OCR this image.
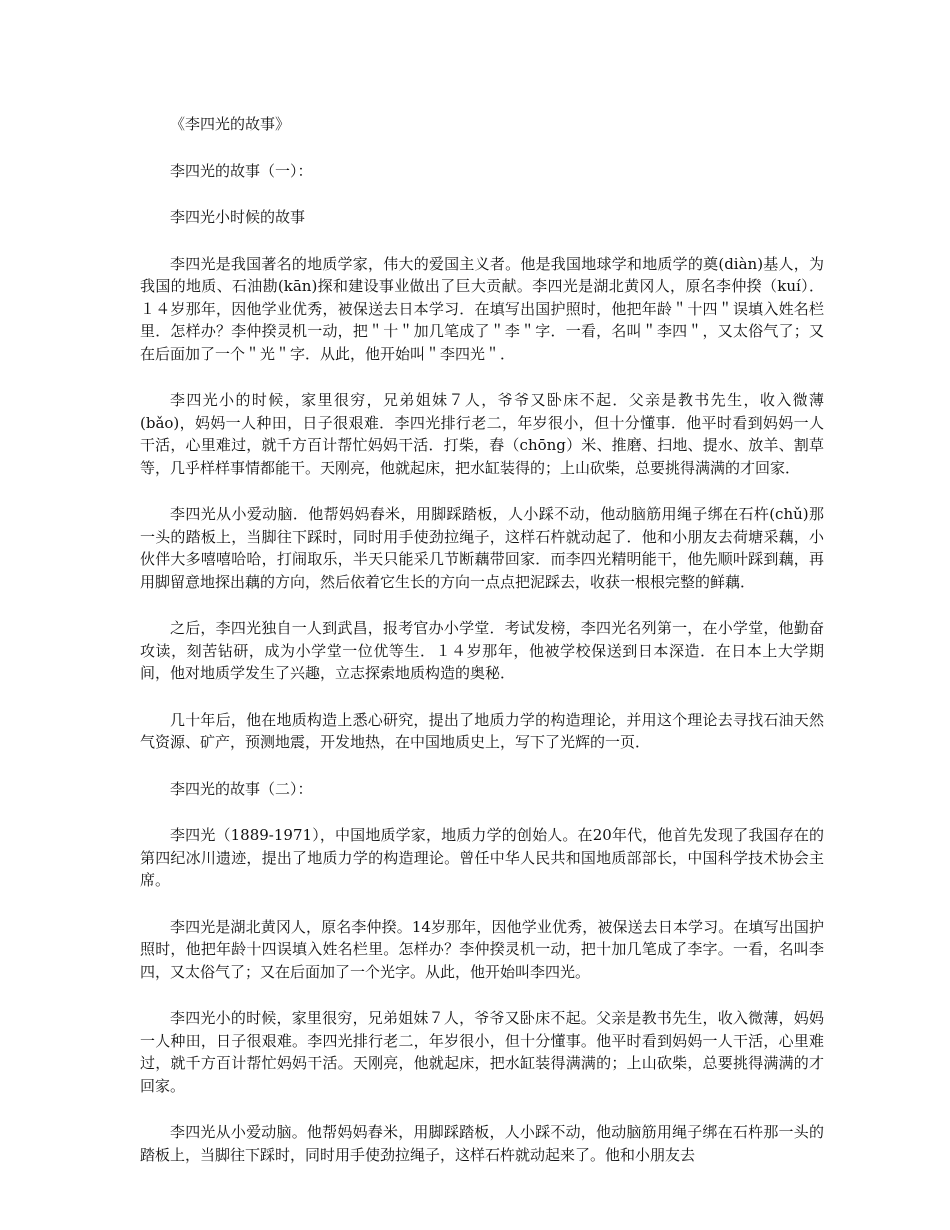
《李四光的故事》

李四光的故事（一）：

李四光小时候的故事

李四光是我国著名的地质学家，伟大的爱国主义者。他是我国地球学和地质学的奠(diàn)基人，为我国的地质、石油勘(kān)探和建设事业做出了巨大贡献。李四光是湖北黄冈人，原名李仲揆（kuí）．１４岁那年，因他学业优秀，被保送去日本学习．在填写出国护照时，他把年龄＂十四＂误填入姓名栏里．怎样办？李仲揆灵机一动，把＂十＂加几笔成了＂李＂字．一看，名叫＂李四＂，又太俗气了；又在后面加了一个＂光＂字．从此，他开始叫＂李四光＂．

李四光小的时候，家里很穷，兄弟姐妹７人，爷爷又卧床不起．父亲是教书先生，收入微薄(bǎo)，妈妈一人种田，日子很艰难．李四光排行老二，年岁很小，但十分懂事．他平时看到妈妈一人干活，心里难过，就千方百计帮忙妈妈干活．打柴，舂（chōng）米、推磨、扫地、提水、放羊、割草等，几乎样样事情都能干。天刚亮，他就起床，把水缸装得的；上山砍柴，总要挑得满满的才回家．

李四光从小爱动脑．他帮妈妈舂米，用脚踩踏板，人小踩不动，他动脑筋用绳子绑在石杵(chǔ)那一头的踏板上，当脚往下踩时，同时用手使劲拉绳子，这样石杵就动起了．他和小朋友去荷塘采藕，小伙伴大多嘻嘻哈哈，打闹取乐，半天只能采几节断藕带回家．而李四光精明能干，他先顺叶踩到藕，再用脚留意地探出藕的方向，然后依着它生长的方向一点点把泥踩去，收获一根根完整的鲜藕．

之后，李四光独自一人到武昌，报考官办小学堂．考试发榜，李四光名列第一，在小学堂，他勤奋攻读，刻苦钻研，成为小学堂一位优等生．１４岁那年，他被学校保送到日本深造．在日本上大学期间，他对地质学发生了兴趣，立志探索地质构造的奥秘．

几十年后，他在地质构造上悉心研究，提出了地质力学的构造理论，并用这个理论去寻找石油天然气资源、矿产，预测地震，开发地热，在中国地质史上，写下了光辉的一页．

李四光的故事（二）：

李四光（1889-1971），中国地质学家，地质力学的创始人。在20年代，他首先发现了我国存在的第四纪冰川遗迹，提出了地质力学的构造理论。曾任中华人民共和国地质部部长，中国科学技术协会主席。

李四光是湖北黄冈人，原名李仲揆。14岁那年，因他学业优秀，被保送去日本学习。在填写出国护照时，他把年龄十四误填入姓名栏里。怎样办？李仲揆灵机一动，把十加几笔成了李字。一看，名叫李四，又太俗气了；又在后面加了一个光字。从此，他开始叫李四光。

李四光小的时候，家里很穷，兄弟姐妹７人，爷爷又卧床不起。父亲是教书先生，收入微薄，妈妈一人种田，日子很艰难。李四光排行老二，年岁很小，但十分懂事。他平时看到妈妈一人干活，心里难过，就千方百计帮忙妈妈干活。天刚亮，他就起床，把水缸装得满满的；上山砍柴，总要挑得满满的才回家。

李四光从小爱动脑。他帮妈妈舂米，用脚踩踏板，人小踩不动，他动脑筋用绳子绑在石杵那一头的踏板上，当脚往下踩时，同时用手使劲拉绳子，这样石杵就动起来了。他和小朋友去
